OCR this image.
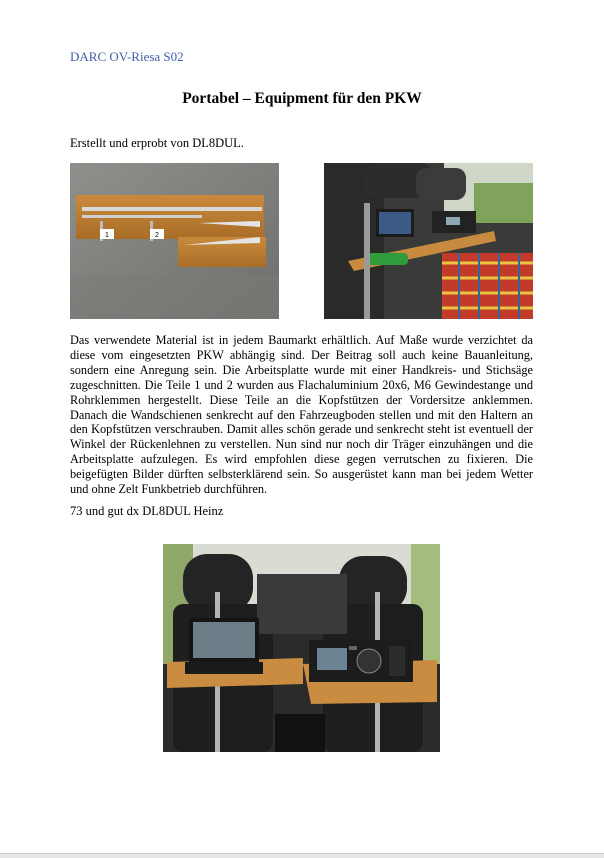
DARC OV-Riesa S02
Portabel – Equipment für den PKW
Erstellt und erprobt von DL8DUL.
1	2
Das verwendete Material ist in jedem Baumarkt erhältlich. Auf Maße wurde verzichtet da diese vom eingesetzten PKW abhängig sind. Der Beitrag soll auch keine Bauanleitung, sondern eine Anregung sein. Die Arbeitsplatte wurde mit einer Handkreis- und Stichsäge zugeschnitten. Die Teile 1 und 2 wurden aus Flachaluminium 20x6, M6 Gewindestange und Rohrklemmen hergestellt. Diese Teile an die Kopfstützen der Vordersitze anklemmen. Danach die Wandschienen senkrecht auf den Fahrzeugboden stellen und mit den Haltern an den Kopfstützen verschrauben. Damit alles schön gerade und senkrecht steht ist eventuell der Winkel der Rückenlehnen zu verstellen. Nun sind nur noch dir Träger einzuhängen und die Arbeitsplatte aufzulegen. Es wird empfohlen diese gegen verrutschen zu fixieren. Die beigefügten Bilder dürften selbsterklärend sein. So ausgerüstet kann man bei jedem Wetter und ohne Zelt Funkbetrieb durchführen.
73 und gut dx DL8DUL Heinz
